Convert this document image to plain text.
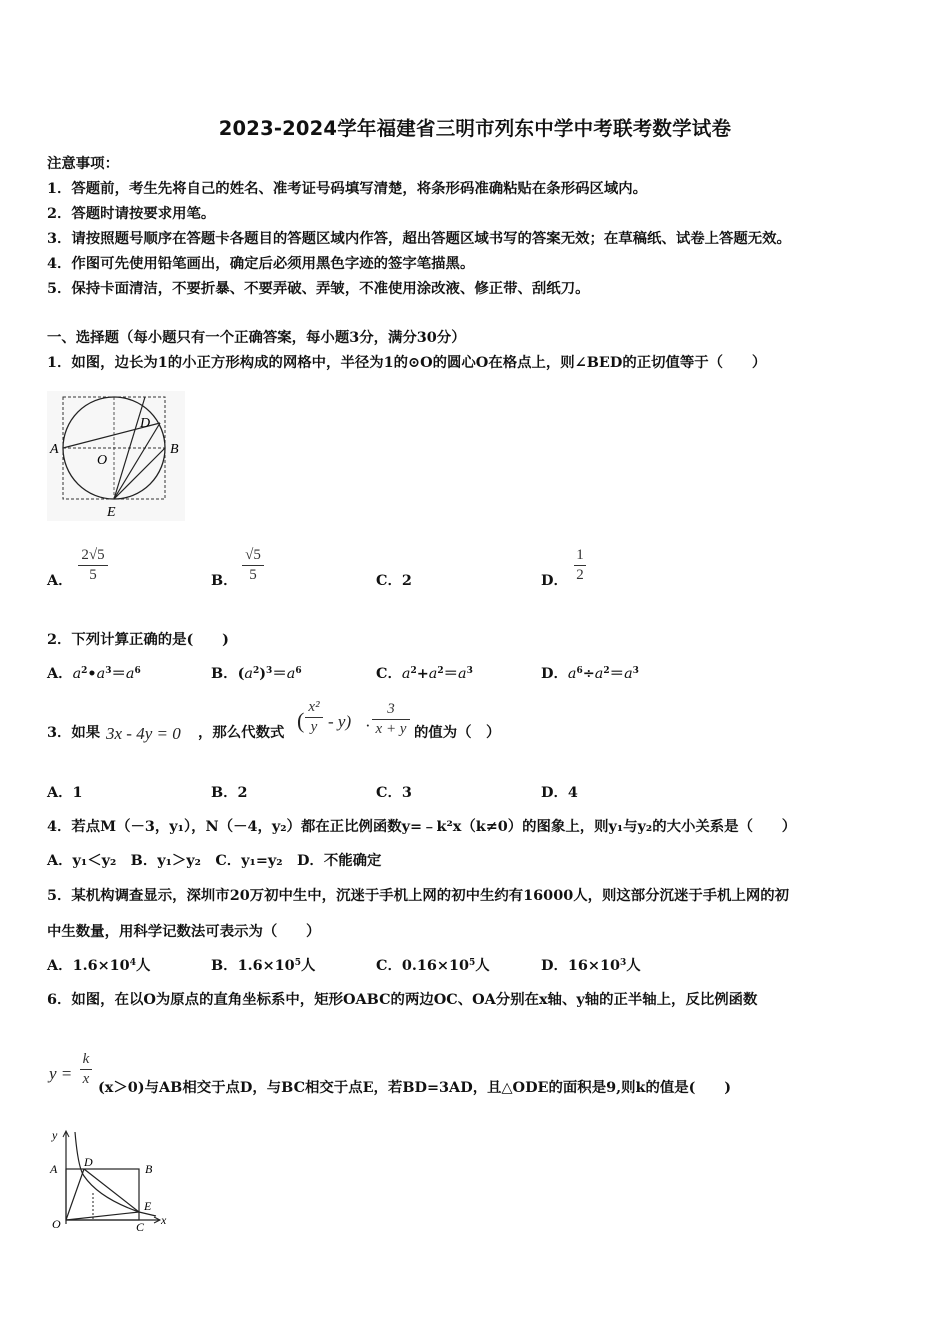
2023-2024学年福建省三明市列东中学中考联考数学试卷
注意事项：
1．答题前，考生先将自己的姓名、准考证号码填写清楚，将条形码准确粘贴在条形码区域内。
2．答题时请按要求用笔。
3．请按照题号顺序在答题卡各题目的答题区域内作答，超出答题区域书写的答案无效；在草稿纸、试卷上答题无效。
4．作图可先使用铅笔画出，确定后必须用黑色字迹的签字笔描黑。
5．保持卡面清洁，不要折暴、不要弄破、弄皱，不准使用涂改液、修正带、刮纸刀。
一、选择题（每小题只有一个正确答案，每小题3分，满分30分）
1．如图，边长为1的小正方形构成的网格中，半径为1的⊙O的圆心O在格点上，则∠BED的正切值等于（　　）
A	B
D
O
E
A．
2√5
5	B．
√5
5	C．2	D．
1
2
2．下列计算正确的是(　　)
A．$a^2•a^3=a^6$	B．$(a^2)^3=a^6$	C．$a^2+a^2=a^3$	D．$a^6\div a^2=a^3$
3．如果 3x - 4y = 0 ，那么代数式 (
x²
y - y) ·
3
x + y 的值为（　）
A．1	B．2	C．3	D．4
4．若点M（－3，y₁），N（－4，y₂）都在正比例函数y=﹣k²x（k≠0）的图象上，则y₁与y₂的大小关系是（　　）
A．y₁＜y₂　B．y₁＞y₂　C．y₁=y₂　D．不能确定
5．某机构调查显示，深圳市20万初中生中，沉迷于手机上网的初中生约有16000人，则这部分沉迷于手机上网的初
中生数量，用科学记数法可表示为（　　）
A．$1.6\times 10^4$人	B．$1.6\times 10^5$人	C．$0.16\times 10^5$人	D．$16\times 10^3$人
6．如图，在以O为原点的直角坐标系中，矩形OABC的两边OC、OA分别在x轴、y轴的正半轴上，反比例函数
y =
k
x (x＞0)与AB相交于点D，与BC相交于点E，若BD=3AD，且△ODE的面积是9,则k的值是(　　)
y
A D	B
E
O	C x
